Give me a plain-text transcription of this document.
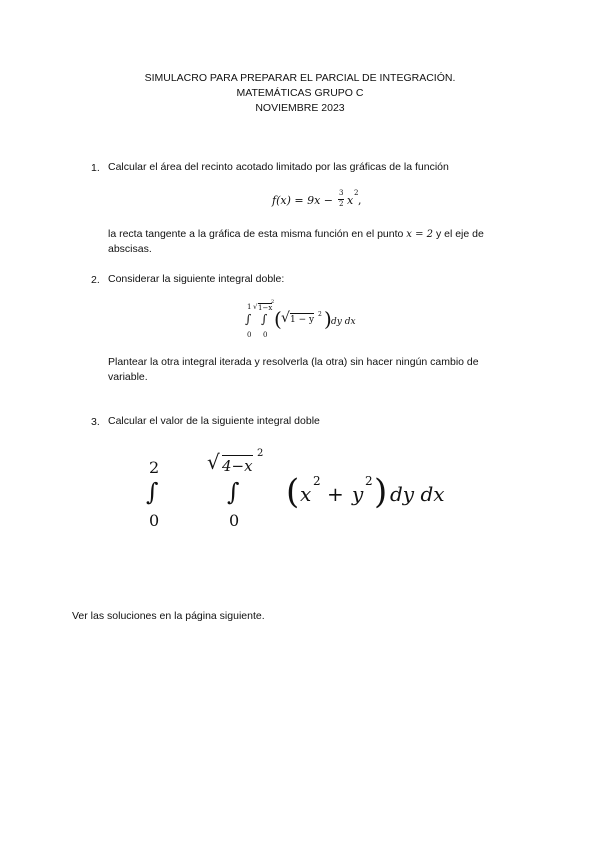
SIMULACRO PARA PREPARAR EL PARCIAL DE INTEGRACIÓN.
MATEMÁTICAS GRUPO C
NOVIEMBRE 2023
1. Calcular el área del recinto acotado limitado por las gráficas de la función
f(x) = 9x −
3
2 x
2
,
la recta tangente a la gráfica de esta misma función en el punto x = 2 y el eje de
abscisas.
2. Considerar la siguiente integral doble:
1
∫
0
√ 1−x
2
∫
0
( √ 1 − y
2 ) dy dx
Plantear la otra integral iterada y resolverla (la otra) sin hacer ningún cambio de
variable.
3. Calcular el valor de la siguiente integral doble
2
∫
0
√ 4−x
2
∫
0
( x
2
+ y
2 ) dy dx
Ver las soluciones en la página siguiente.
